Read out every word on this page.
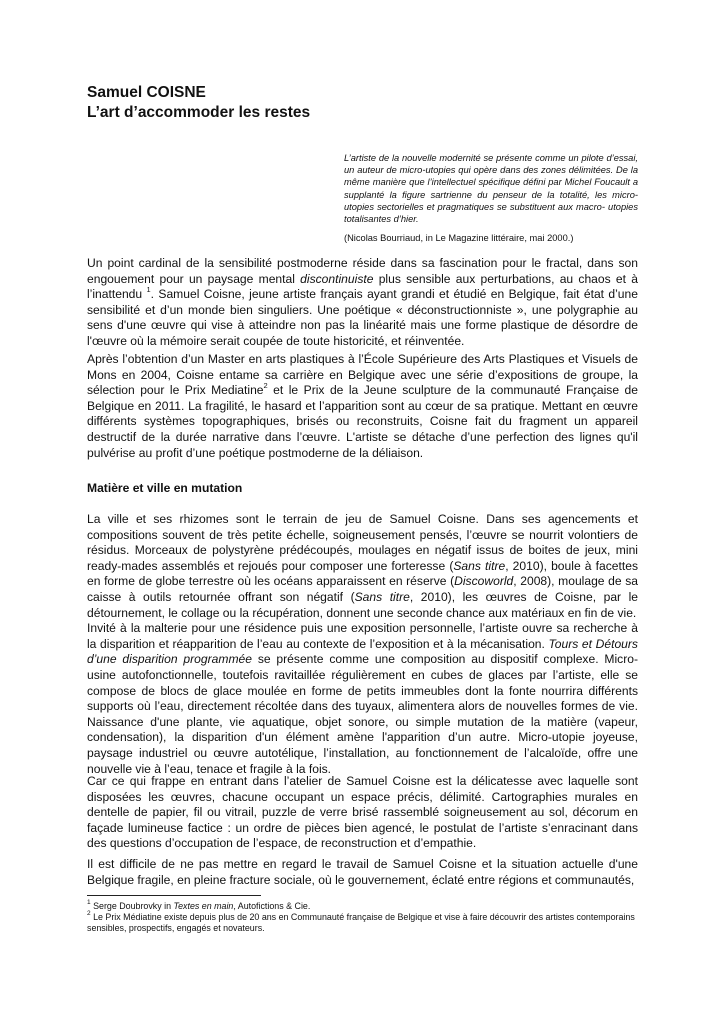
Samuel COISNE

L’art d’accommoder les restes

L’artiste de la nouvelle modernité se présente comme un pilote d’essai, un auteur de micro-utopies qui opère dans des zones délimitées. De la même manière que l’intellectuel spécifique défini par Michel Foucault a supplanté la figure sartrienne du penseur de la totalité, les micro-utopies sectorielles et pragmatiques se substituent aux macro- utopies totalisantes d’hier.

(Nicolas Bourriaud, in Le Magazine littéraire, mai 2000.)

Un point cardinal de la sensibilité postmoderne réside dans sa fascination pour le fractal, dans son engouement pour un paysage mental discontinuiste plus sensible aux perturbations, au chaos et à l’inattendu $^1$. Samuel Coisne, jeune artiste français ayant grandi et étudié en Belgique, fait état d’une sensibilité et d’un monde bien singuliers. Une poétique « déconstructionniste », une polygraphie au sens d'une œuvre qui vise à atteindre non pas la linéarité mais une forme plastique de désordre de l'œuvre où la mémoire serait coupée de toute historicité, et réinventée.

Après l’obtention d’un Master en arts plastiques à l’École Supérieure des Arts Plastiques et Visuels de Mons en 2004, Coisne entame sa carrière en Belgique avec une série d’expositions de groupe, la sélection pour le Prix Mediatine$^2$ et le Prix de la Jeune sculpture de la communauté Française de Belgique en 2011. La fragilité, le hasard et l’apparition sont au cœur de sa pratique. Mettant en œuvre différents systèmes topographiques, brisés ou reconstruits, Coisne fait du fragment un appareil destructif de la durée narrative dans l’œuvre. L'artiste se détache d’une perfection des lignes qu'il pulvérise au profit d’une poétique postmoderne de la déliaison.

Matière et ville en mutation

La ville et ses rhizomes sont le terrain de jeu de Samuel Coisne. Dans ses agencements et compositions souvent de très petite échelle, soigneusement pensés, l’œuvre se nourrit volontiers de résidus. Morceaux de polystyrène prédécoupés, moulages en négatif issus de boites de jeux, mini ready-mades assemblés et rejoués pour composer une forteresse (Sans titre, 2010), boule à facettes en forme de globe terrestre où les océans apparaissent en réserve (Discoworld, 2008), moulage de sa caisse à outils retournée offrant son négatif (Sans titre, 2010), les œuvres de Coisne, par le détournement, le collage ou la récupération, donnent une seconde chance aux matériaux en fin de vie.

Invité à la malterie pour une résidence puis une exposition personnelle, l’artiste ouvre sa recherche à la disparition et réapparition de l’eau au contexte de l’exposition et à la mécanisation. Tours et Détours d’une disparition programmée se présente comme une composition au dispositif complexe. Micro-usine autofonctionnelle, toutefois ravitaillée régulièrement en cubes de glaces par l’artiste, elle se compose de blocs de glace moulée en forme de petits immeubles dont la fonte nourrira différents supports où l’eau, directement récoltée dans des tuyaux, alimentera alors de nouvelles formes de vie. Naissance d'une plante, vie aquatique, objet sonore, ou simple mutation de la matière (vapeur, condensation), la disparition d'un élément amène l'apparition d’un autre. Micro-utopie joyeuse, paysage industriel ou œuvre autotélique, l’installation, au fonctionnement de l’alcaloïde, offre une nouvelle vie à l’eau, tenace et fragile à la fois.

Car ce qui frappe en entrant dans l’atelier de Samuel Coisne est la délicatesse avec laquelle sont disposées les œuvres, chacune occupant un espace précis, délimité. Cartographies murales en dentelle de papier, fil ou vitrail, puzzle de verre brisé rassemblé soigneusement au sol, décorum en façade lumineuse factice : un ordre de pièces bien agencé, le postulat de l’artiste s’enracinant dans des questions d’occupation de l’espace, de reconstruction et d’empathie.

Il est difficile de ne pas mettre en regard le travail de Samuel Coisne et la situation actuelle d'une Belgique fragile, en pleine fracture sociale, où le gouvernement, éclaté entre régions et communautés,

$^1$ Serge Doubrovky in Textes en main, Autofictions & Cie.

$^2$ Le Prix Médiatine existe depuis plus de 20 ans en Communauté française de Belgique et vise à faire découvrir des artistes contemporains sensibles, prospectifs, engagés et novateurs.
